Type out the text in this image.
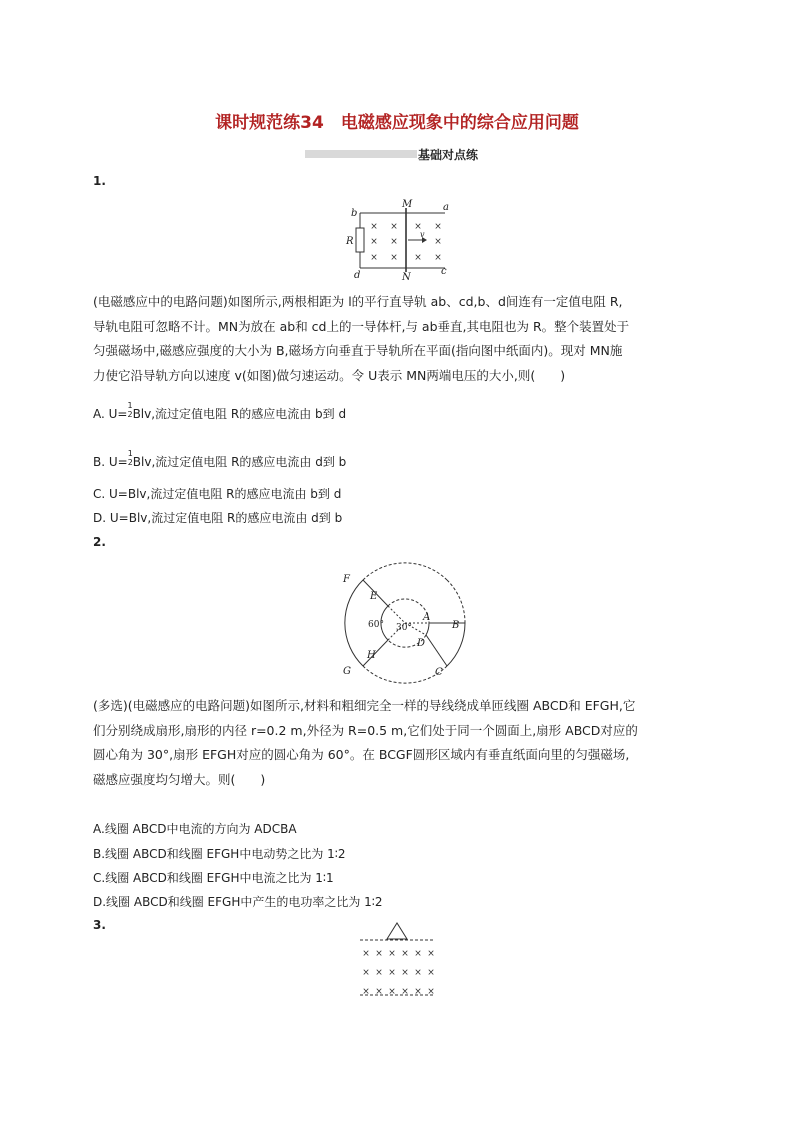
课时规范练34　电磁感应现象中的综合应用问题
基础对点练
1.
× × × ×
× ×	×
× × × ×
b
M	a
R
v
d	N
c
(电磁感应中的电路问题)如图所示,两根相距为 l的平行直导轨 ab、cd,b、d间连有一定值电阻 R,
导轨电阻可忽略不计。MN为放在 ab和 cd上的一导体杆,与 ab垂直,其电阻也为 R。整个装置处于
匀强磁场中,磁感应强度的大小为 B,磁场方向垂直于导轨所在平面(指向图中纸面内)。现对 MN施
力使它沿导轨方向以速度 v(如图)做匀速运动。令 U表示 MN两端电压的大小,则(　　)
A. U=
1
2 Blv,流过定值电阻 R的感应电流由 b到 d
B. U=
1
2 Blv,流过定值电阻 R的感应电流由 d到 b
C. U=Blv,流过定值电阻 R的感应电流由 b到 d
D. U=Blv,流过定值电阻 R的感应电流由 d到 b
2.
F
E
A
B
D
C
G
H
60° 30°
(多选)(电磁感应的电路问题)如图所示,材料和粗细完全一样的导线绕成单匝线圈 ABCD和 EFGH,它
们分别绕成扇形,扇形的内径 r=0.2 m,外径为 R=0.5 m,它们处于同一个圆面上,扇形 ABCD对应的
圆心角为 30°,扇形 EFGH对应的圆心角为 60°。在 BCGF圆形区域内有垂直纸面向里的匀强磁场,
磁感应强度均匀增大。则(　　)
A.线圈 ABCD中电流的方向为 ADCBA
B.线圈 ABCD和线圈 EFGH中电动势之比为 1∶2
C.线圈 ABCD和线圈 EFGH中电流之比为 1∶1
D.线圈 ABCD和线圈 EFGH中产生的电功率之比为 1∶2
3.
× × × × × ×
× × × × × ×
× × × × × ×
